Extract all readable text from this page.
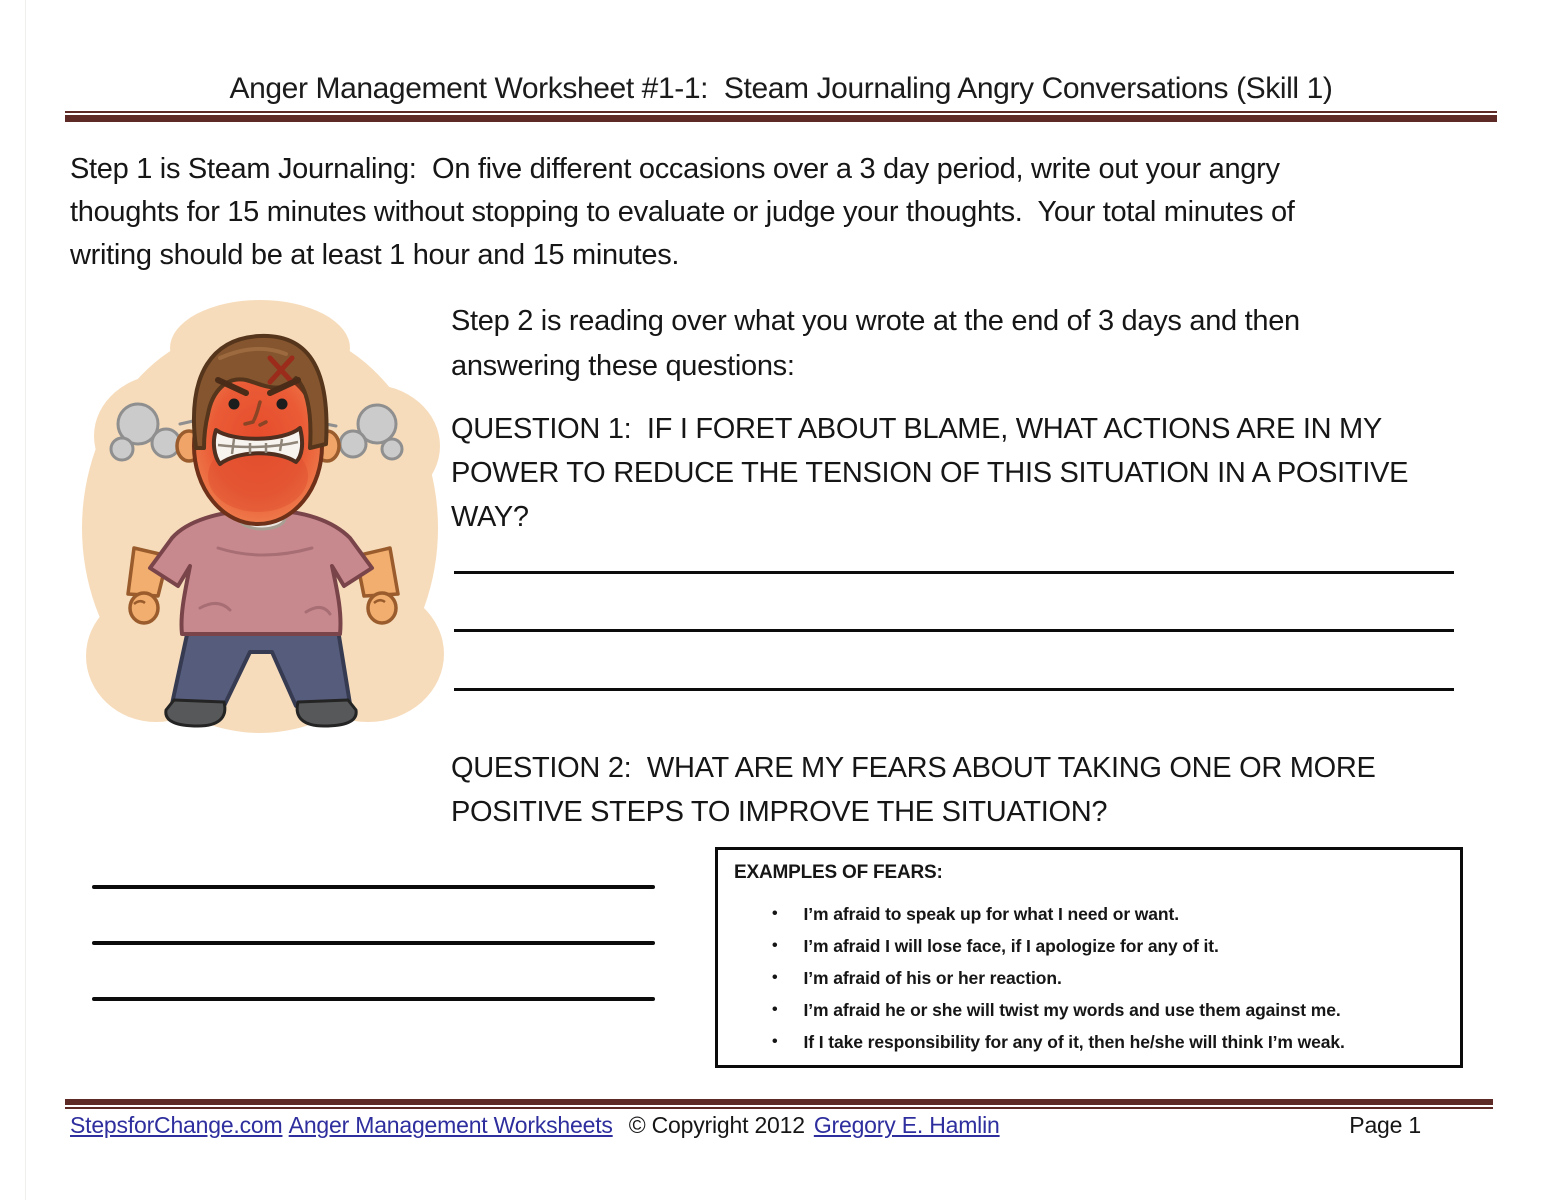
Anger Management Worksheet #1-1:  Steam Journaling Angry Conversations (Skill 1)
Step 1 is Steam Journaling:  On five different occasions over a 3 day period, write out your angry
thoughts for 15 minutes without stopping to evaluate or judge your thoughts.  Your total minutes of
writing should be at least 1 hour and 15 minutes.
Step 2 is reading over what you wrote at the end of 3 days and then
answering these questions:
QUESTION 1:  IF I FORET ABOUT BLAME, WHAT ACTIONS ARE IN MY
POWER TO REDUCE THE TENSION OF THIS SITUATION IN A POSITIVE
WAY?
QUESTION 2:  WHAT ARE MY FEARS ABOUT TAKING ONE OR MORE
POSITIVE STEPS TO IMPROVE THE SITUATION?
EXAMPLES OF FEARS:
• I’m afraid to speak up for what I need or want.
• I’m afraid I will lose face, if I apologize for any of it.
• I’m afraid of his or her reaction.
• I’m afraid he or she will twist my words and use them against me.
• If I take responsibility for any of it, then he/she will think I’m weak.
StepsforChange.com
Anger Management Worksheets © Copyright 2012 Gregory E. Hamlin	Page 1
